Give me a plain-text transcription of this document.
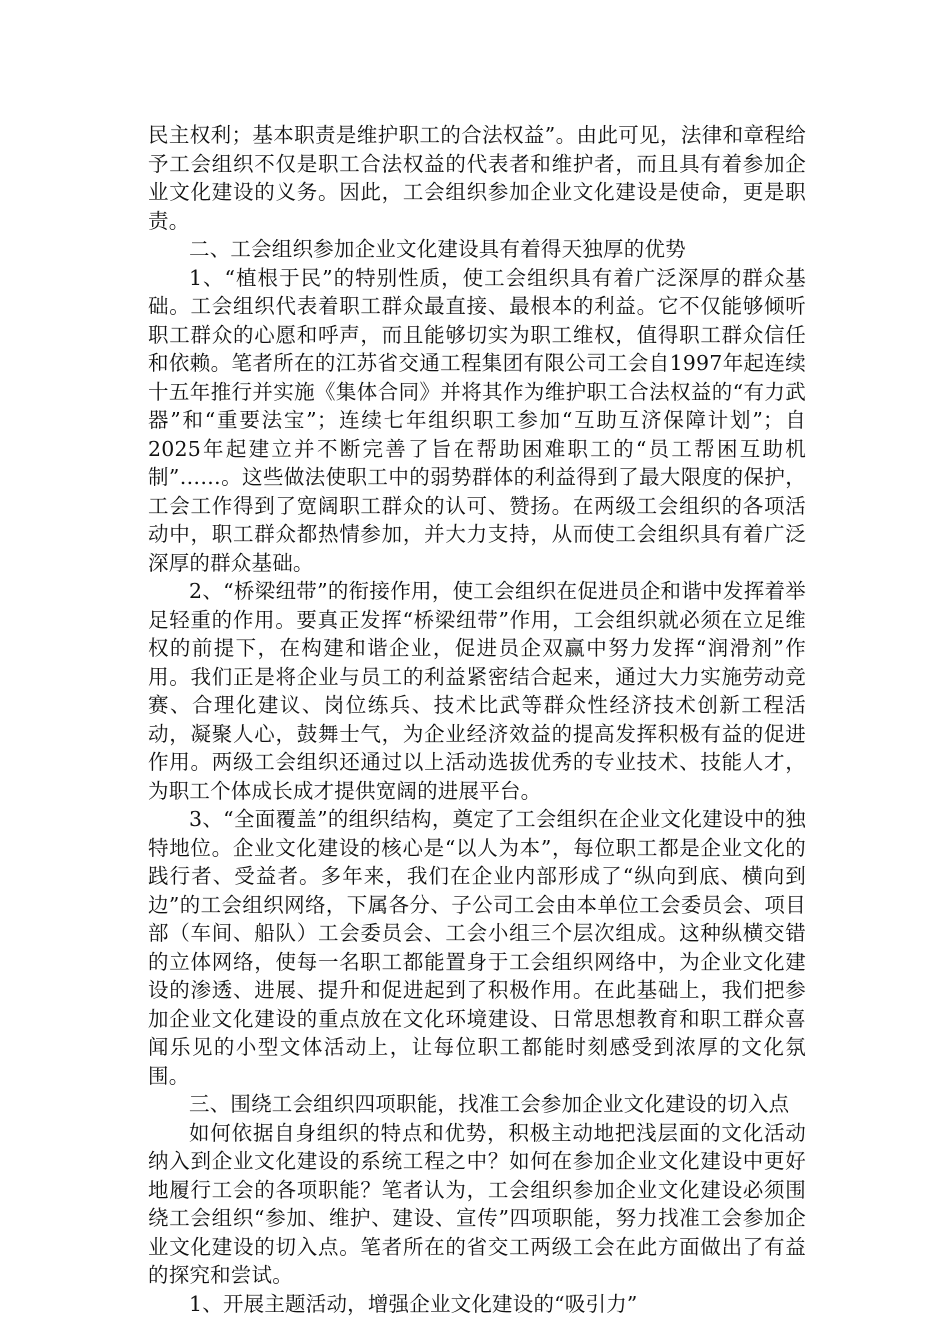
民主权利；基本职责是维护职工的合法权益”。由此可见，法律和章程给予工会组织不仅是职工合法权益的代表者和维护者，而且具有着参加企业文化建设的义务。因此，工会组织参加企业文化建设是使命，更是职责。

二、工会组织参加企业文化建设具有着得天独厚的优势

1、“植根于民”的特别性质，使工会组织具有着广泛深厚的群众基础。工会组织代表着职工群众最直接、最根本的利益。它不仅能够倾听职工群众的心愿和呼声，而且能够切实为职工维权，值得职工群众信任和依赖。笔者所在的江苏省交通工程集团有限公司工会自1997年起连续十五年推行并实施《集体合同》并将其作为维护职工合法权益的“有力武器”和“重要法宝”；连续七年组织职工参加“互助互济保障计划”；自2025年起建立并不断完善了旨在帮助困难职工的“员工帮困互助机制”……。这些做法使职工中的弱势群体的利益得到了最大限度的保护，工会工作得到了宽阔职工群众的认可、赞扬。在两级工会组织的各项活动中，职工群众都热情参加，并大力支持，从而使工会组织具有着广泛深厚的群众基础。

2、“桥梁纽带”的衔接作用，使工会组织在促进员企和谐中发挥着举足轻重的作用。要真正发挥“桥梁纽带”作用，工会组织就必须在立足维权的前提下，在构建和谐企业，促进员企双赢中努力发挥“润滑剂”作用。我们正是将企业与员工的利益紧密结合起来，通过大力实施劳动竞赛、合理化建议、岗位练兵、技术比武等群众性经济技术创新工程活动，凝聚人心，鼓舞士气，为企业经济效益的提高发挥积极有益的促进作用。两级工会组织还通过以上活动选拔优秀的专业技术、技能人才，为职工个体成长成才提供宽阔的进展平台。

3、“全面覆盖”的组织结构，奠定了工会组织在企业文化建设中的独特地位。企业文化建设的核心是“以人为本”，每位职工都是企业文化的践行者、受益者。多年来，我们在企业内部形成了“纵向到底、横向到边”的工会组织网络，下属各分、子公司工会由本单位工会委员会、项目部（车间、船队）工会委员会、工会小组三个层次组成。这种纵横交错的立体网络，使每一名职工都能置身于工会组织网络中，为企业文化建设的渗透、进展、提升和促进起到了积极作用。在此基础上，我们把参加企业文化建设的重点放在文化环境建设、日常思想教育和职工群众喜闻乐见的小型文体活动上，让每位职工都能时刻感受到浓厚的文化氛围。

三、围绕工会组织四项职能，找准工会参加企业文化建设的切入点

如何依据自身组织的特点和优势，积极主动地把浅层面的文化活动纳入到企业文化建设的系统工程之中？如何在参加企业文化建设中更好地履行工会的各项职能？笔者认为，工会组织参加企业文化建设必须围绕工会组织“参加、维护、建设、宣传”四项职能，努力找准工会参加企业文化建设的切入点。笔者所在的省交工两级工会在此方面做出了有益的探究和尝试。

1、开展主题活动，增强企业文化建设的“吸引力”
